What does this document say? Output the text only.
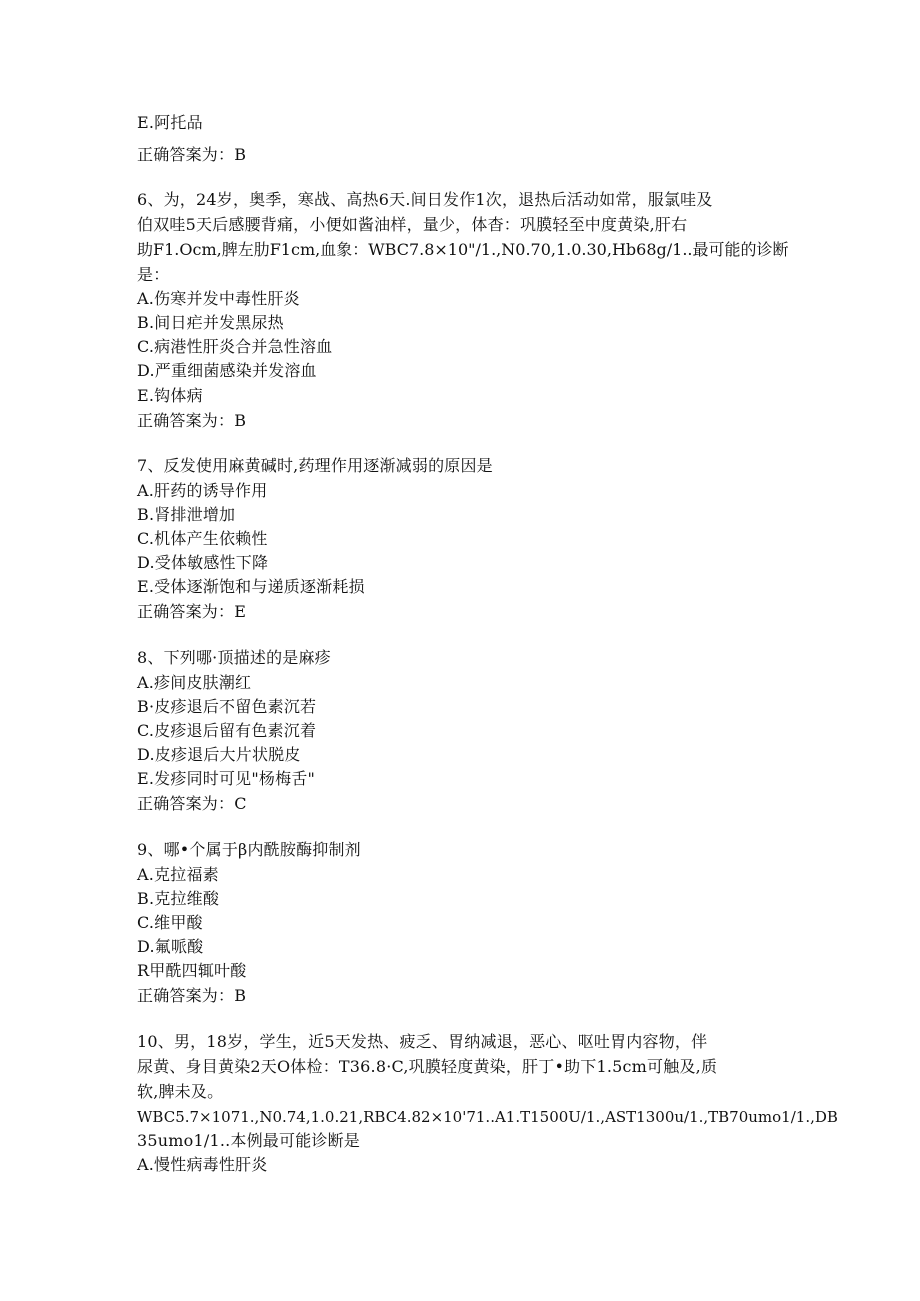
E.阿托品
正确答案为：B
6、为，24岁，奥季，寒战、高热6天.间日发作1次，退热后活动如常，服氯哇及
伯双哇5天后感腰背痛，小便如酱油样，量少，体杳：巩膜轻至中度黄染,肝右
助F1.Ocm,脾左肋F1cm,血象：WBC7.8×10"/1.,N0.70,1.0.30,Hb68g/1..最可能的诊断
是：
A.伤寒并发中毒性肝炎
B.间日疟并发黑尿热
C.病港性肝炎合并急性溶血
D.严重细菌感染并发溶血
E.钩体病
正确答案为：B
7、反发使用麻黄碱时,药理作用逐渐减弱的原因是
A.肝药的诱导作用
B.肾排泄增加
C.机体产生依赖性
D.受体敏感性下降
E.受体逐渐饱和与递质逐渐耗损
正确答案为：E
8、下列哪·顶描述的是麻疹
A.疹间皮肤潮红
B·皮疹退后不留色素沉若
C.皮疹退后留有色素沉着
D.皮疹退后大片状脱皮
E.发疹同时可见"杨梅舌"
正确答案为：C
9、哪•个属于β内酰胺酶抑制剂
A.克拉福素
B.克拉维酸
C.维甲酸
D.氟哌酸
R甲酰四辄叶酸
正确答案为：B
10、男，18岁，学生，近5天发热、疲乏、胃纳减退，恶心、呕吐胃内容物，伴
尿黄、身目黄染2天O体检：T36.8·C,巩膜轻度黄染，肝丁•助下1.5cm可触及,质
软,脾未及。
WBC5.7×1071.,N0.74,1.0.21,RBC4.82×10'71..A1.T1500U/1.,AST1300u/1.,TB70umo1/1.,DB
35umo1/1..本例最可能诊断是
A.慢性病毒性肝炎
